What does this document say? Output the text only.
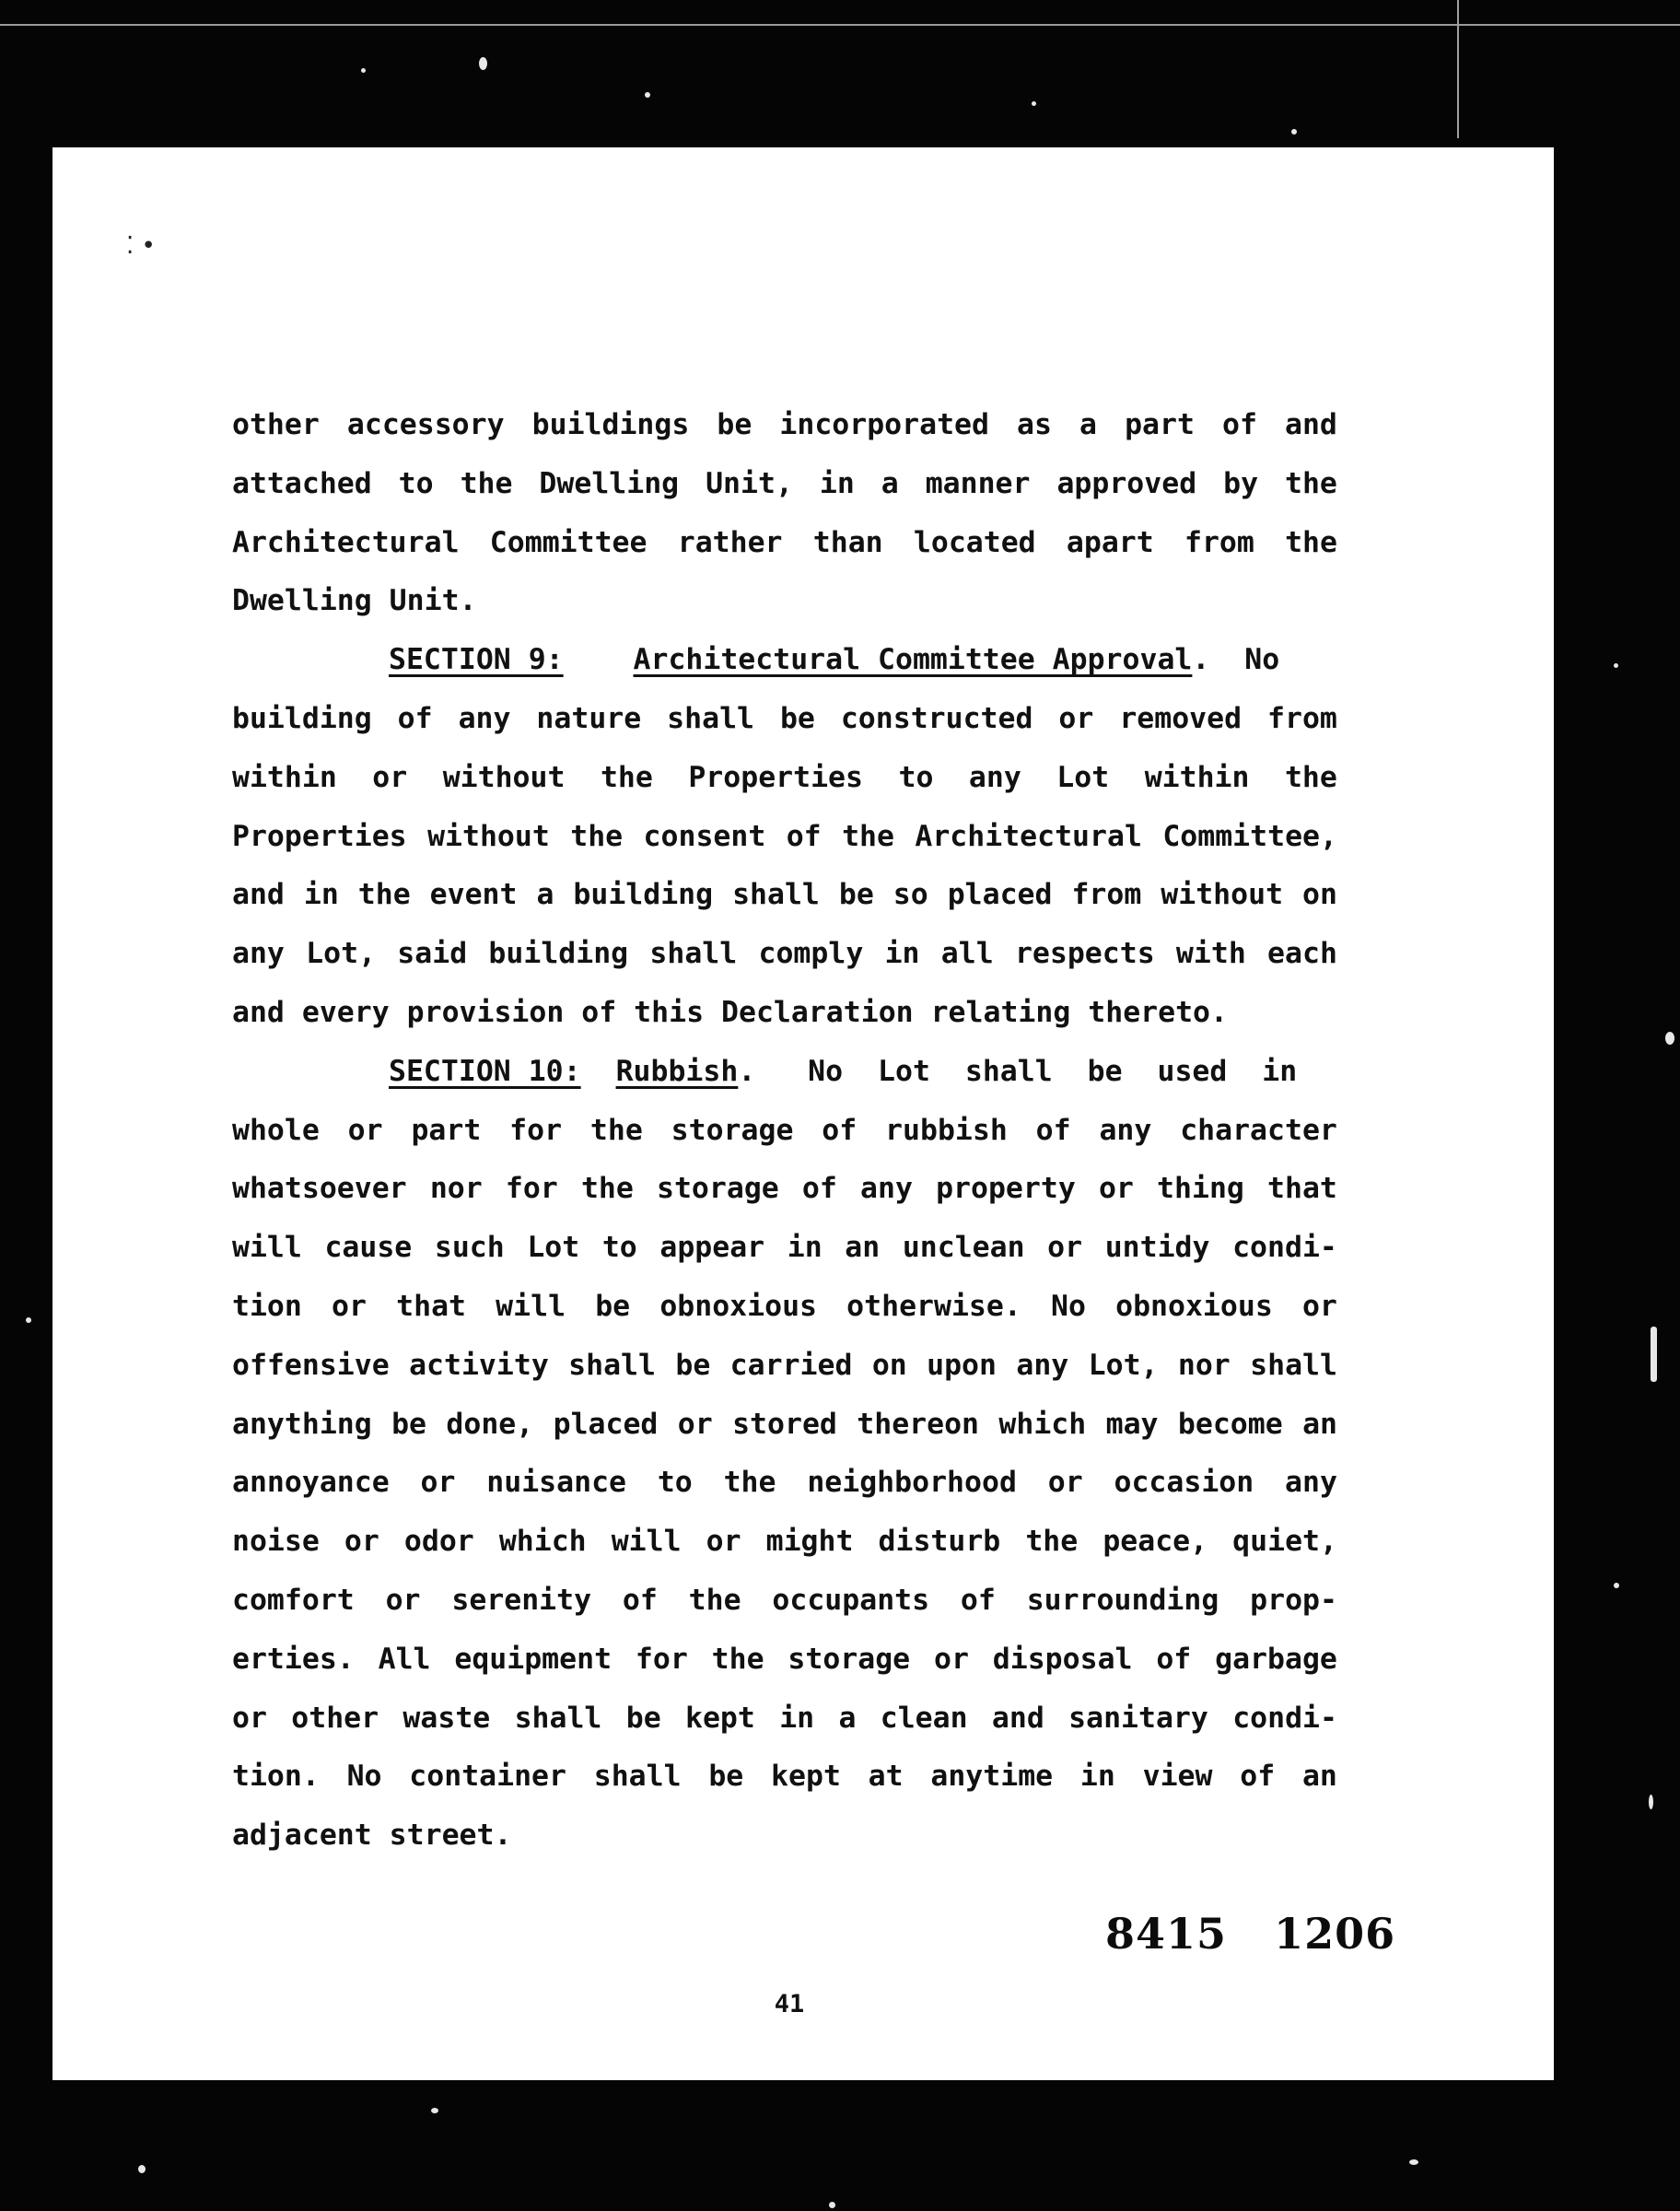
⁚ •
other accessory buildings be incorporated as a part of and
attached to the Dwelling Unit, in a manner approved by the
Architectural Committee rather than located apart from the
Dwelling Unit.
SECTION 9: Architectural Committee Approval.  No
building of any nature shall be constructed or removed from
within or without the Properties to any Lot within the
Properties without the consent of the Architectural Committee,
and in the event a building shall be so placed from without on
any Lot, said building shall comply in all respects with each
and every provision of this Declaration relating thereto.
SECTION 10: Rubbish.   No  Lot  shall  be  used  in
whole or part for the storage of rubbish of any character
whatsoever nor for the storage of any property or thing that
will cause such Lot to appear in an unclean or untidy condi-
tion or that will be obnoxious otherwise. No obnoxious or
offensive activity shall be carried on upon any Lot, nor shall
anything be done, placed or stored thereon which may become an
annoyance or nuisance to the neighborhood or occasion any
noise or odor which will or might disturb the peace, quiet,
comfort or serenity of the occupants of surrounding prop-
erties. All equipment for the storage or disposal of garbage
or other waste shall be kept in a clean and sanitary condi-
tion. No container shall be kept at anytime in view of an
adjacent street.
8415   1206
41
